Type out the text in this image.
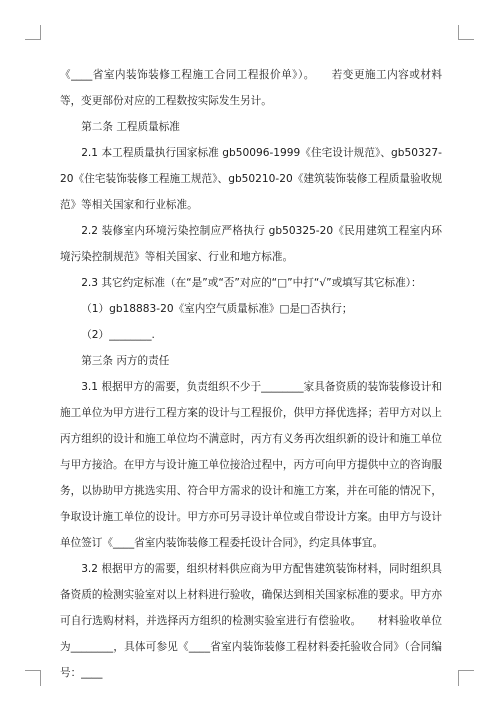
《____省室内装饰装修工程施工合同工程报价单》）。　　若变更施工内容或材料等，变更部份对应的工程数按实际发生另计。

第二条 工程质量标准

2.1 本工程质量执行国家标准 gb50096-1999《住宅设计规范》、gb50327-20《住宅装饰装修工程施工规范》、gb50210-20《建筑装饰装修工程质量验收规范》等相关国家和行业标准。

2.2 装修室内环境污染控制应严格执行 gb50325-20《民用建筑工程室内环境污染控制规范》等相关国家、行业和地方标准。

2.3 其它约定标准（在“是”或“否”对应的“□”中打“√”或填写其它标准）：

（1）gb18883-20《室内空气质量标准》□是□否执行；

（2）________.

第三条 丙方的责任

3.1 根据甲方的需要，负责组织不少于________家具备资质的装饰装修设计和施工单位为甲方进行工程方案的设计与工程报价，供甲方择优选择；若甲方对以上丙方组织的设计和施工单位均不满意时，丙方有义务再次组织新的设计和施工单位与甲方接洽。在甲方与设计施工单位接洽过程中，丙方可向甲方提供中立的咨询服务，以协助甲方挑选实用、符合甲方需求的设计和施工方案，并在可能的情况下，争取设计施工单位的设计。甲方亦可另寻设计单位或自带设计方案。由甲方与设计单位签订《____省室内装饰装修工程委托设计合同》，约定具体事宜。

3.2 根据甲方的需要，组织材料供应商为甲方配售建筑装饰材料，同时组织具备资质的检测实验室对以上材料进行验收，确保达到相关国家标准的要求。甲方亦可自行选购材料，并选择丙方组织的检测实验室进行有偿验收。　　材料验收单位为________，具体可参见《____省室内装饰装修工程材料委托验收合同》（合同编号：____
